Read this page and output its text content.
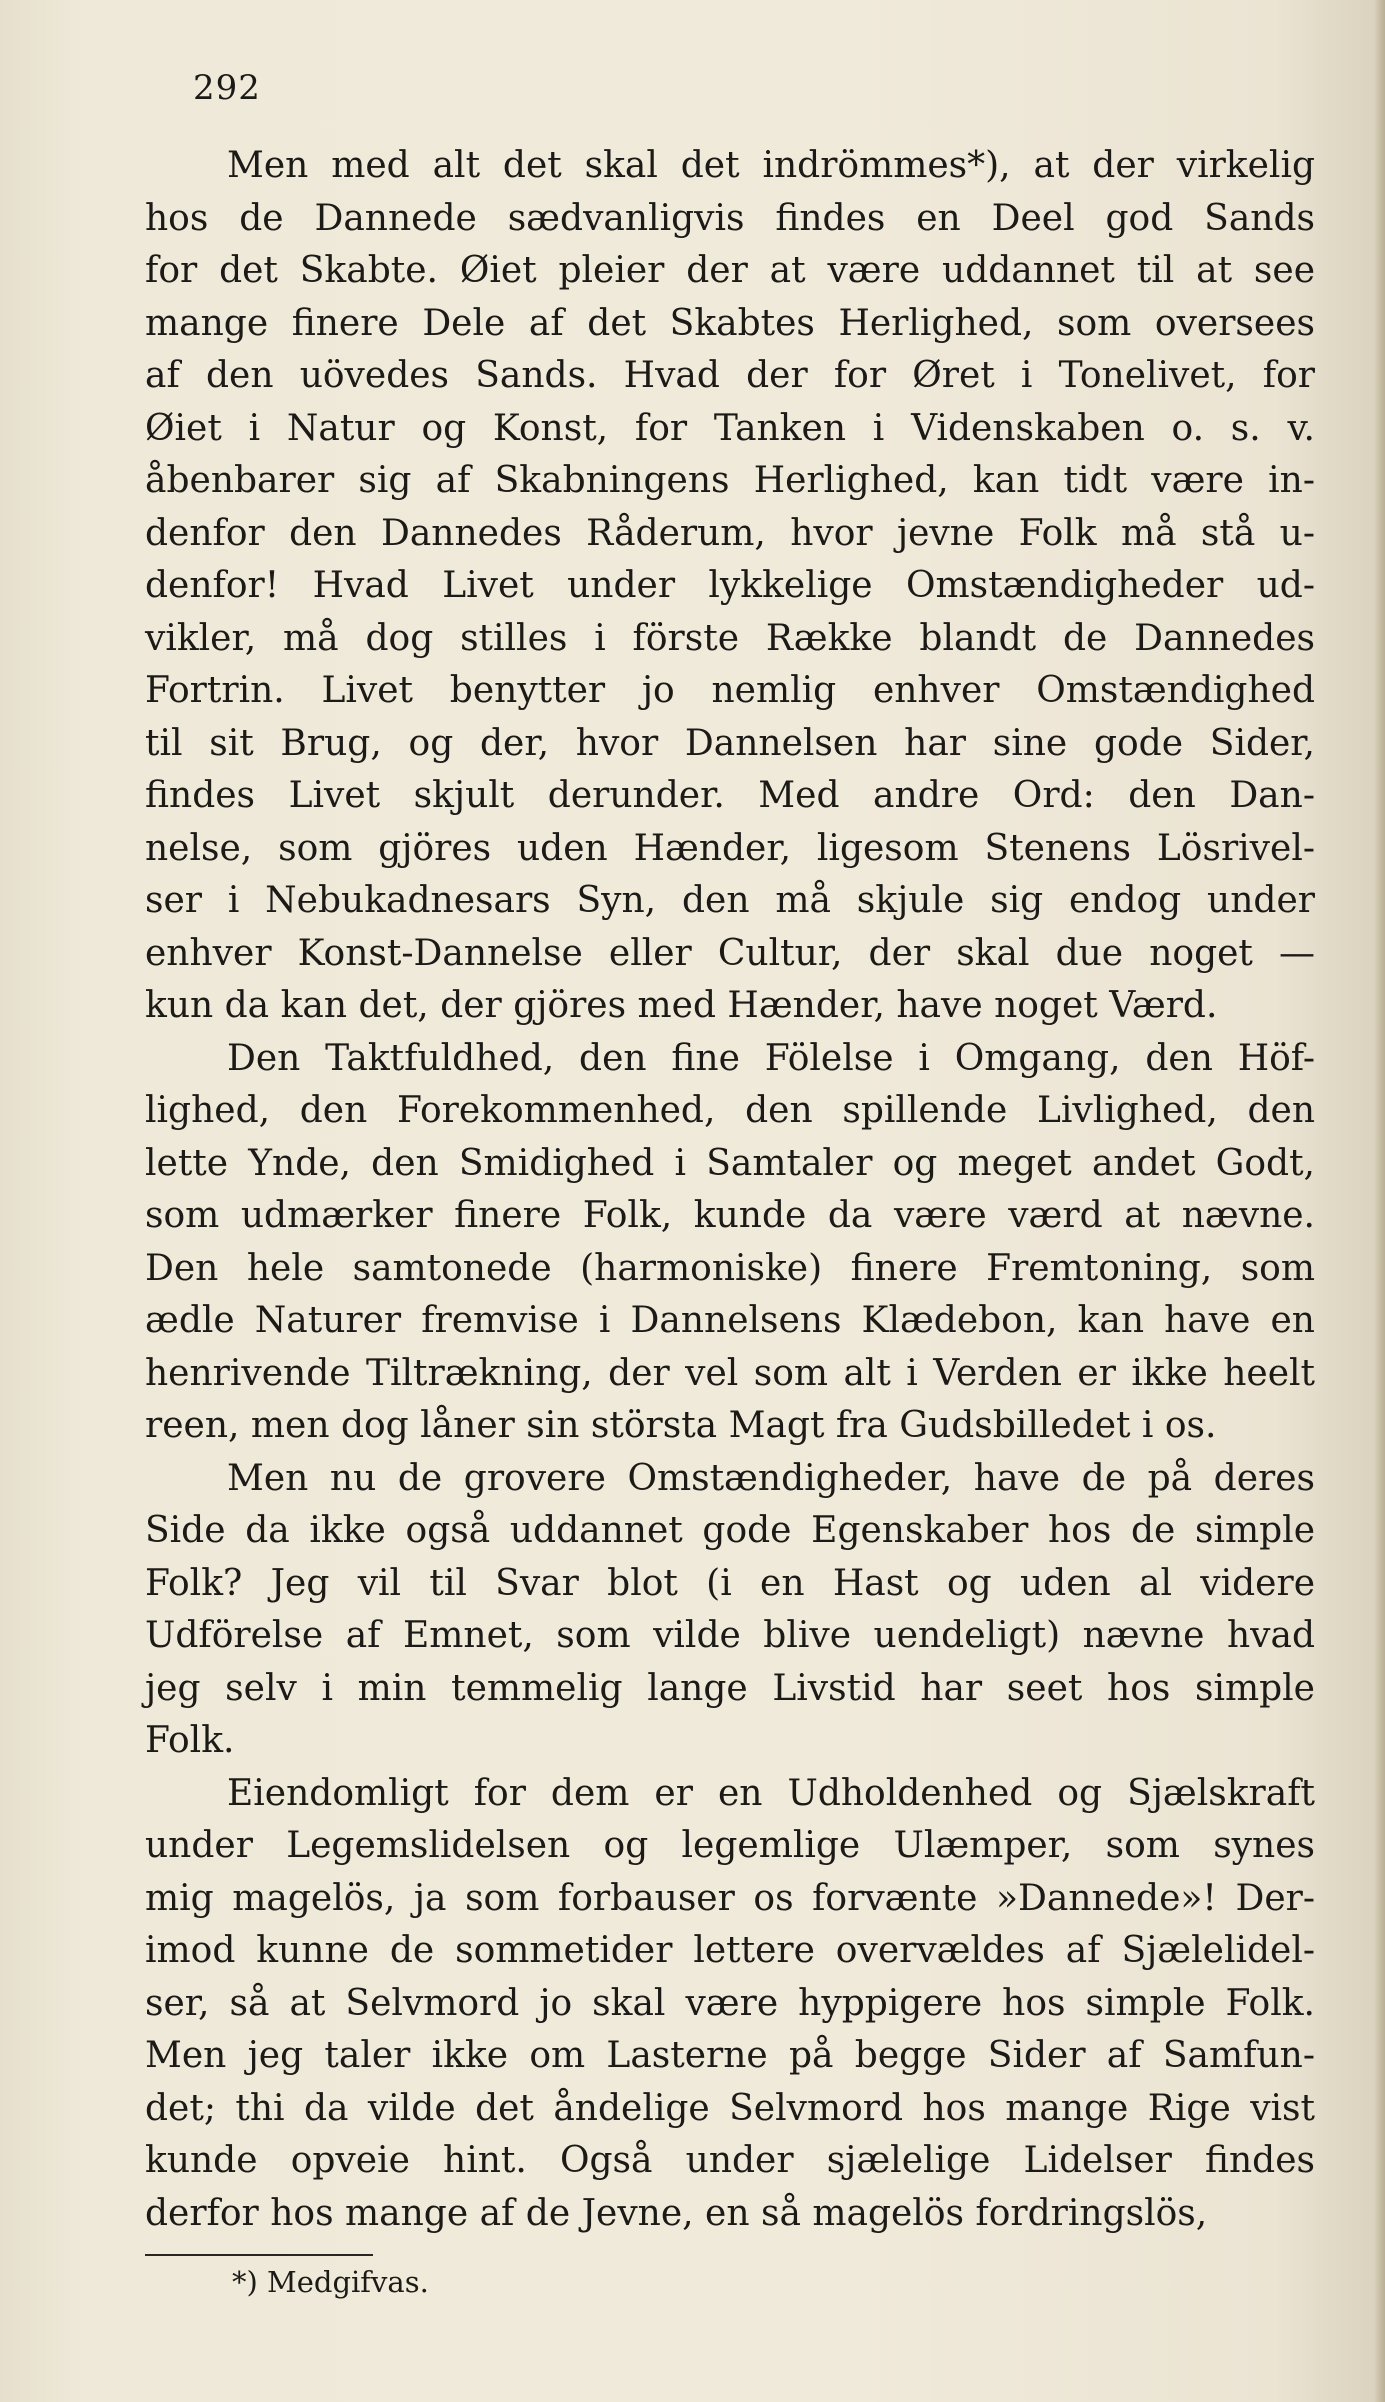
292
Men med alt det skal det indrömmes*), at der virkelig
hos de Dannede sædvanligvis findes en Deel god Sands
for det Skabte. Øiet pleier der at være uddannet til at see
mange finere Dele af det Skabtes Herlighed, som oversees
af den uövedes Sands. Hvad der for Øret i Tonelivet, for
Øiet i Natur og Konst, for Tanken i Videnskaben o. s. v.
åbenbarer sig af Skabningens Herlighed, kan tidt være in-
denfor den Dannedes Råderum, hvor jevne Folk må stå u-
denfor! Hvad Livet under lykkelige Omstændigheder ud-
vikler, må dog stilles i förste Række blandt de Dannedes
Fortrin. Livet benytter jo nemlig enhver Omstændighed
til sit Brug, og der, hvor Dannelsen har sine gode Sider,
findes Livet skjult derunder. Med andre Ord: den Dan-
nelse, som gjöres uden Hænder, ligesom Stenens Lösrivel-
ser i Nebukadnesars Syn, den må skjule sig endog under
enhver Konst-Dannelse eller Cultur, der skal due noget —
kun da kan det, der gjöres med Hænder, have noget Værd.
Den Taktfuldhed, den fine Fölelse i Omgang, den Höf-
lighed, den Forekommenhed, den spillende Livlighed, den
lette Ynde, den Smidighed i Samtaler og meget andet Godt,
som udmærker finere Folk, kunde da være værd at nævne.
Den hele samtonede (harmoniske) finere Fremtoning, som
ædle Naturer fremvise i Dannelsens Klædebon, kan have en
henrivende Tiltrækning, der vel som alt i Verden er ikke heelt
reen, men dog låner sin största Magt fra Gudsbilledet i os.
Men nu de grovere Omstændigheder, have de på deres
Side da ikke også uddannet gode Egenskaber hos de simple
Folk? Jeg vil til Svar blot (i en Hast og uden al videre
Udförelse af Emnet, som vilde blive uendeligt) nævne hvad
jeg selv i min temmelig lange Livstid har seet hos simple
Folk.
Eiendomligt for dem er en Udholdenhed og Sjælskraft
under Legemslidelsen og legemlige Ulæmper, som synes
mig magelös, ja som forbauser os forvænte »Dannede»! Der-
imod kunne de sommetider lettere overvældes af Sjælelidel-
ser, så at Selvmord jo skal være hyppigere hos simple Folk.
Men jeg taler ikke om Lasterne på begge Sider af Samfun-
det; thi da vilde det åndelige Selvmord hos mange Rige vist
kunde opveie hint. Også under sjælelige Lidelser findes
derfor hos mange af de Jevne, en så magelös fordringslös,
*) Medgifvas.
